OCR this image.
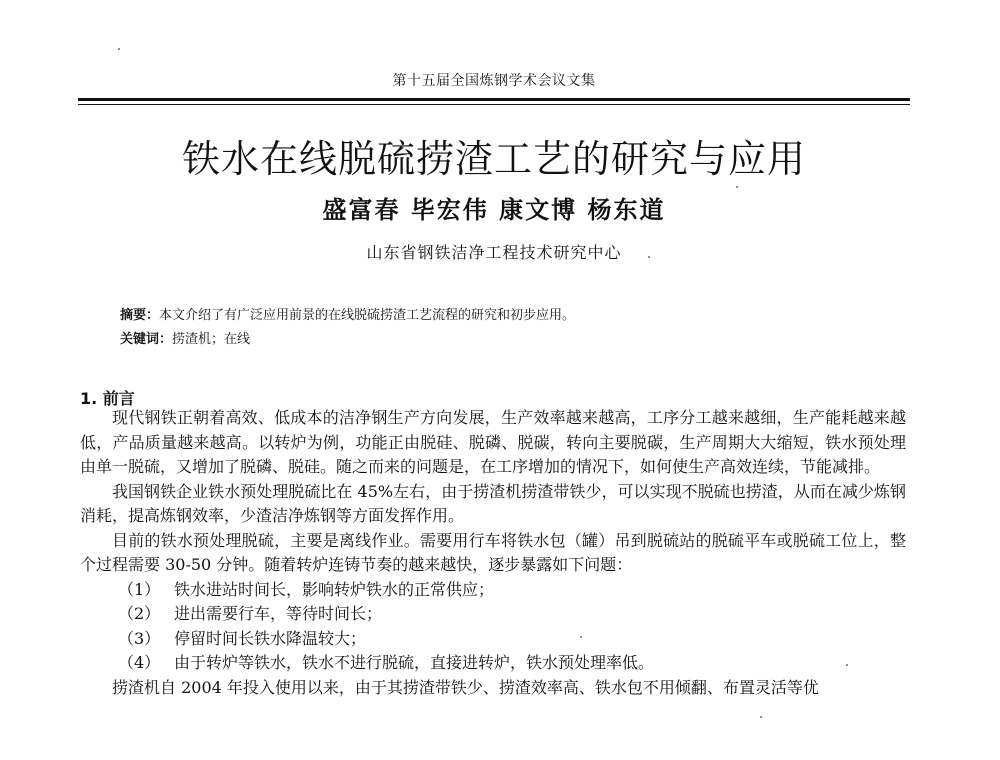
第十五届全国炼钢学术会议文集
铁水在线脱硫捞渣工艺的研究与应用
盛富春 毕宏伟 康文博 杨东道
山东省钢铁洁净工程技术研究中心
摘要：本文介绍了有广泛应用前景的在线脱硫捞渣工艺流程的研究和初步应用。
关键词：捞渣机；在线
1. 前言

现代钢铁正朝着高效、低成本的洁净钢生产方向发展，生产效率越来越高，工序分工越来越细，生产能耗越来越低，产品质量越来越高。以转炉为例，功能正由脱硅、脱磷、脱碳，转向主要脱碳，生产周期大大缩短，铁水预处理由单一脱硫，又增加了脱磷、脱硅。随之而来的问题是，在工序增加的情况下，如何使生产高效连续，节能减排。

我国钢铁企业铁水预处理脱硫比在 45%左右，由于捞渣机捞渣带铁少，可以实现不脱硫也捞渣，从而在减少炼钢消耗，提高炼钢效率，少渣洁净炼钢等方面发挥作用。

目前的铁水预处理脱硫，主要是离线作业。需要用行车将铁水包（罐）吊到脱硫站的脱硫平车或脱硫工位上，整个过程需要 30-50 分钟。随着转炉连铸节奏的越来越快，逐步暴露如下问题：

（1） 铁水进站时间长，影响转炉铁水的正常供应；
（2） 进出需要行车，等待时间长；
（3） 停留时间长铁水降温较大；
（4） 由于转炉等铁水，铁水不进行脱硫，直接进转炉，铁水预处理率低。

捞渣机自 2004 年投入使用以来，由于其捞渣带铁少、捞渣效率高、铁水包不用倾翻、布置灵活等优
